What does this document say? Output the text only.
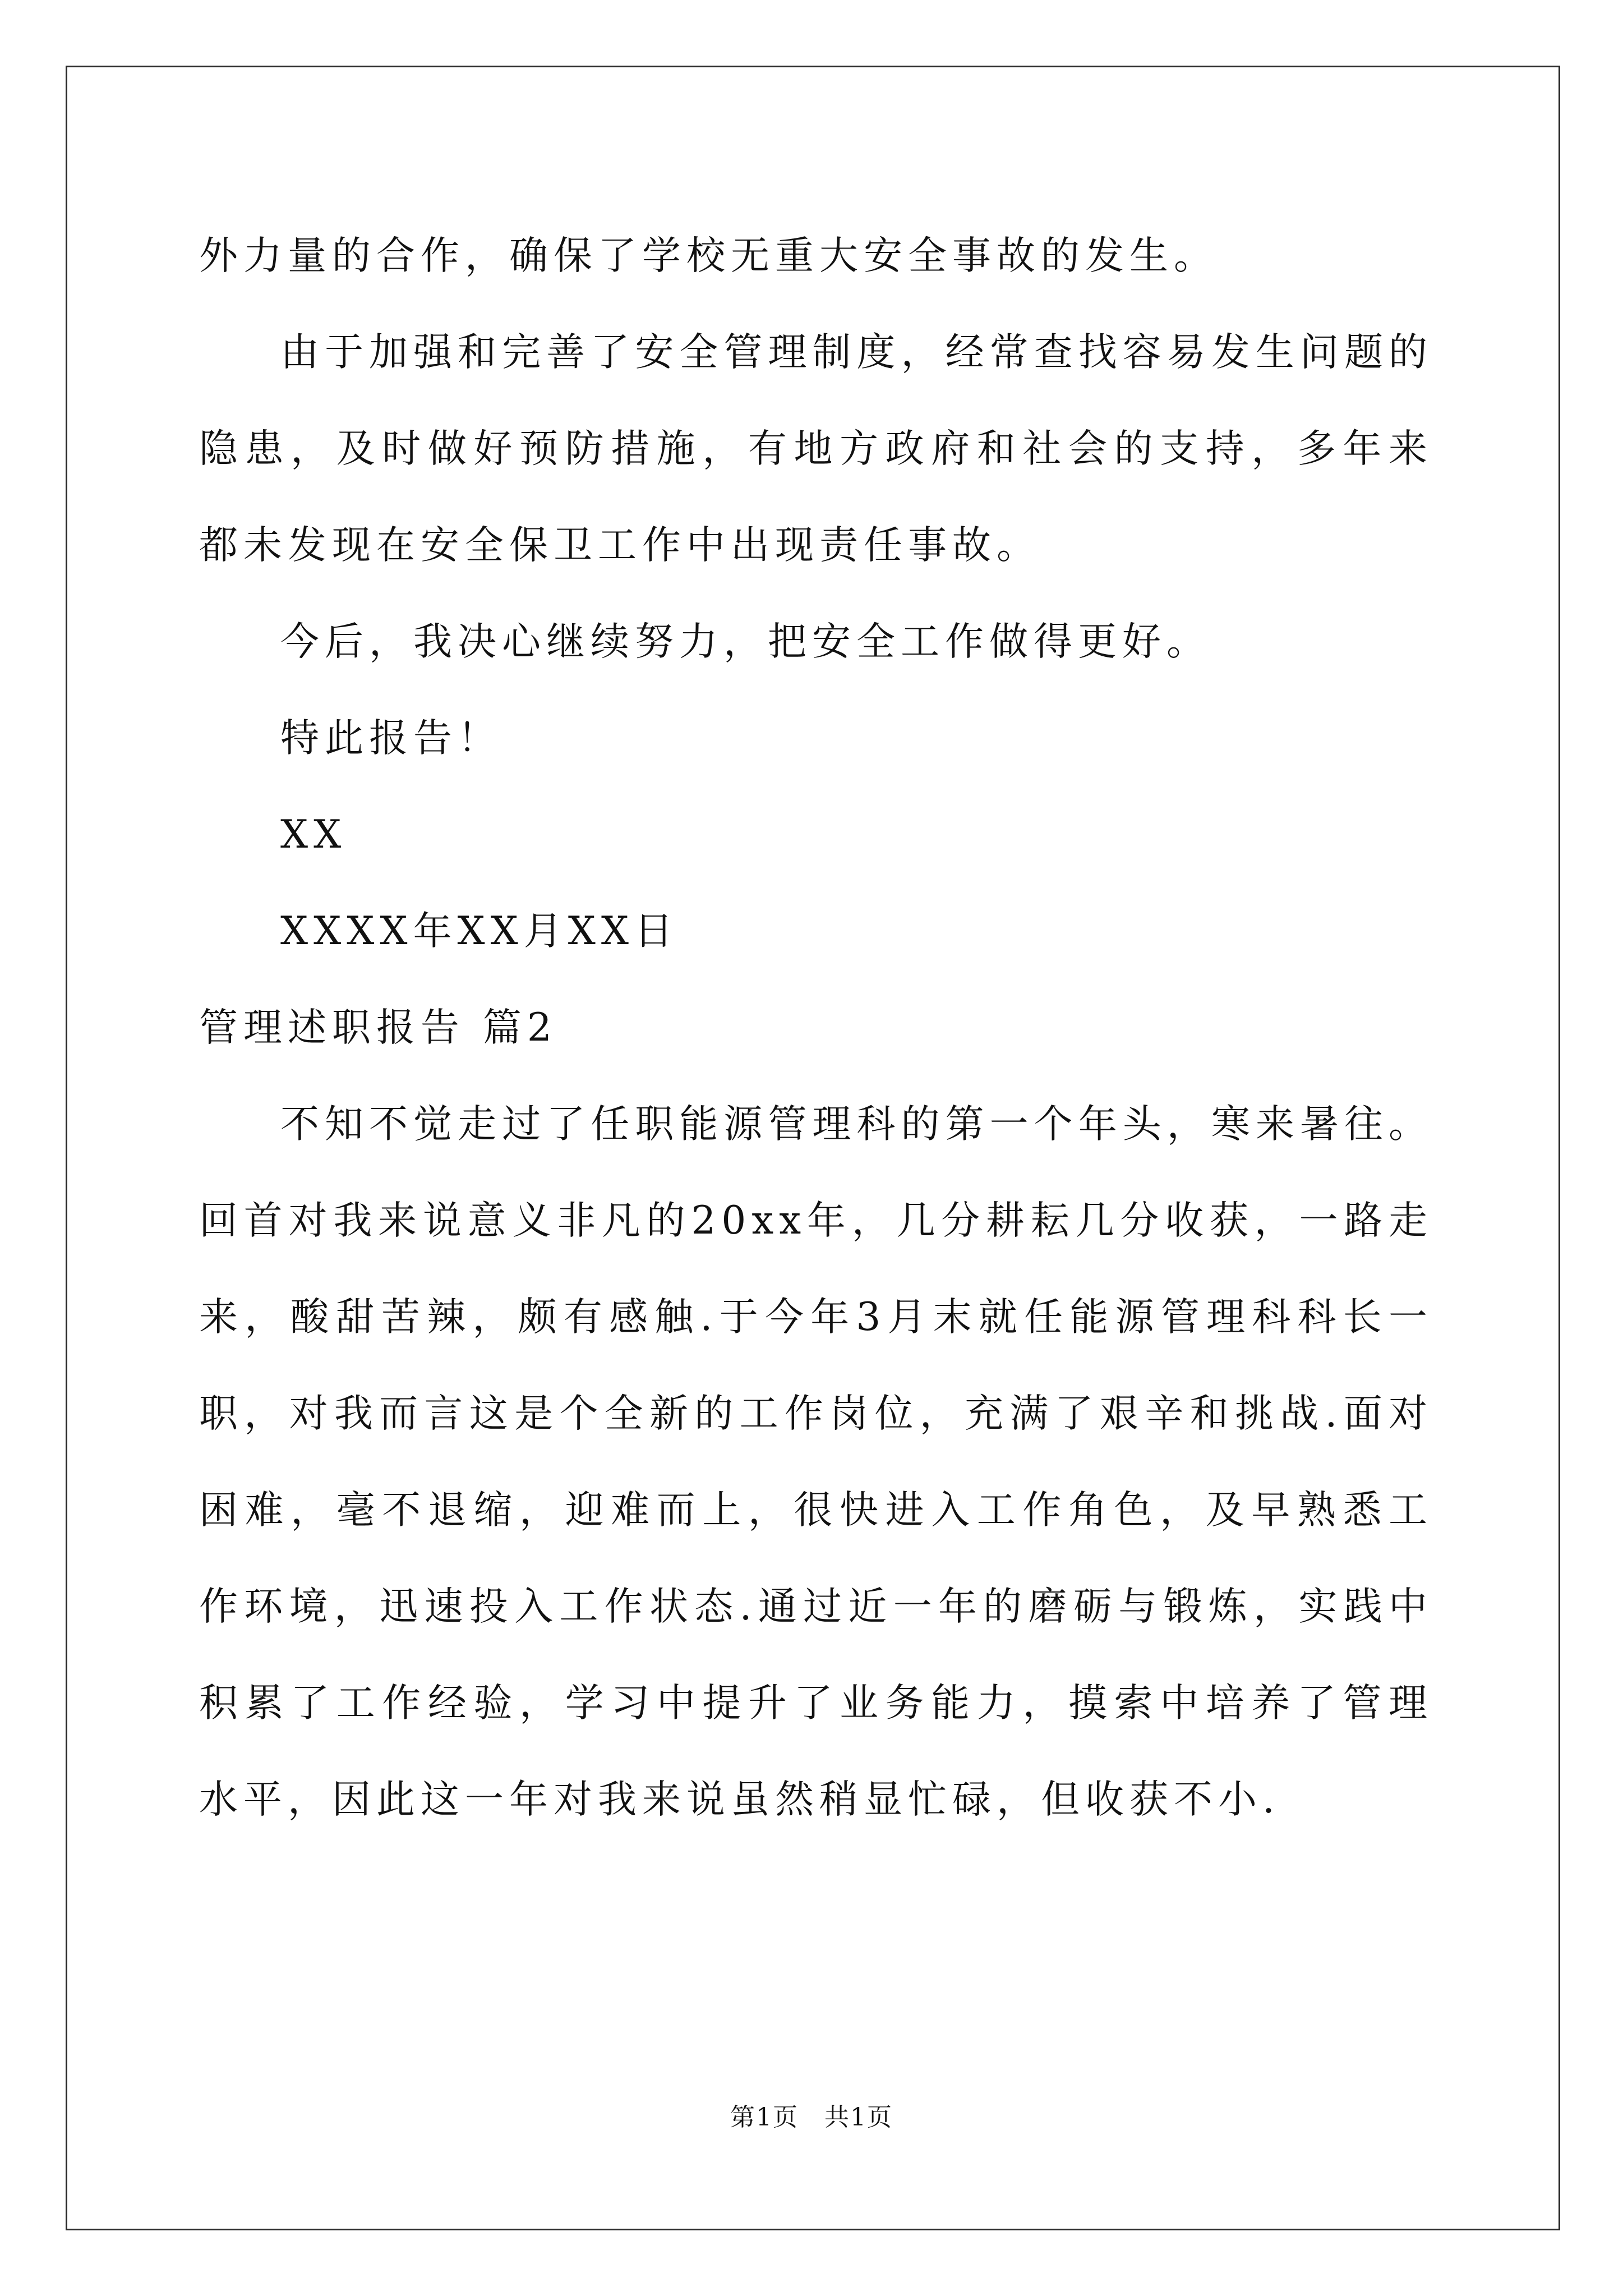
外力量的合作，确保了学校无重大安全事故的发生。

由于加强和完善了安全管理制度，经常查找容易发生问题的隐患，及时做好预防措施，有地方政府和社会的支持，多年来都未发现在安全保卫工作中出现责任事故。

今后，我决心继续努力，把安全工作做得更好。

特此报告！

XX

XXXX年XX月XX日

管理述职报告 篇2

不知不觉走过了任职能源管理科的第一个年头，寒来暑往。回首对我来说意义非凡的20xx年，几分耕耘几分收获，一路走来，酸甜苦辣，颇有感触.于今年3月末就任能源管理科科长一职，对我而言这是个全新的工作岗位，充满了艰辛和挑战.面对困难，毫不退缩，迎难而上，很快进入工作角色，及早熟悉工作环境，迅速投入工作状态.通过近一年的磨砺与锻炼，实践中积累了工作经验，学习中提升了业务能力，摸索中培养了管理水平，因此这一年对我来说虽然稍显忙碌，但收获不小.

第1页　共1页
